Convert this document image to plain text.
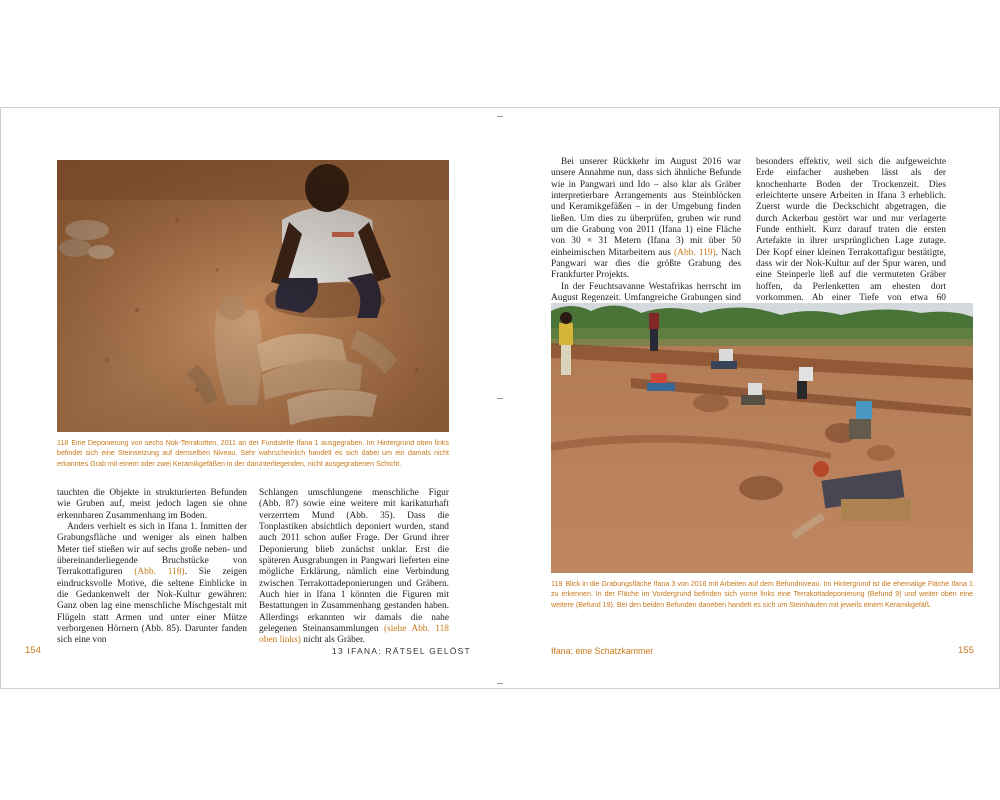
118 Eine Deponierung von sechs Nok-Terrakotten, 2011 an der Fundstelle Ifana 1 ausgegraben. Im Hintergrund oben links befindet sich eine Steinsetzung auf demselben Niveau. Sehr wahrscheinlich handelt es sich dabei um ein damals nicht erkanntes Grab mit einem oder zwei Keramikgefäßen in der darunterliegenden, nicht ausgegrabenen Schicht.

tauchten die Objekte in strukturierten Befunden wie Gruben auf, meist jedoch lagen sie ohne erkennbaren Zusammenhang im Boden.

Anders verhielt es sich in Ifana 1. Inmitten der Grabungsfläche und weniger als einen halben Meter tief stießen wir auf sechs große neben- und übereinanderliegende Bruchstücke von Terrakottafiguren (Abb. 118). Sie zeigen eindrucksvolle Motive, die seltene Einblicke in die Gedankenwelt der Nok-Kultur gewähren: Ganz oben lag eine menschliche Mischgestalt mit Flügeln statt Armen und unter einer Mütze verborgenen Hörnern (Abb. 85). Darunter fanden sich eine von

Schlangen umschlungene menschliche Figur (Abb. 87) sowie eine weitere mit karikaturhaft verzerrtem Mund (Abb. 35). Dass die Tonplastiken absichtlich deponiert wurden, stand auch 2011 schon außer Frage. Der Grund ihrer Deponierung blieb zunächst unklar. Erst die späteren Ausgrabungen in Pangwari lieferten eine mögliche Erklärung, nämlich eine Verbindung zwischen Terrakottadeponierungen und Gräbern. Auch hier in Ifana 1 könnten die Figuren mit Bestattungen in Zusammenhang gestanden haben. Allerdings erkannten wir damals die nahe gelegenen Steinansammlungen (siehe Abb. 118 oben links) nicht als Gräber.

154	13 IFANA: RÄTSEL GELÖST

Bei unserer Rückkehr im August 2016 war unsere Annahme nun, dass sich ähnliche Befunde wie in Pangwari und Ido – also klar als Gräber interpretierbare Arrangements aus Steinblöcken und Keramikgefäßen – in der Umgebung finden ließen. Um dies zu überprüfen, gruben wir rund um die Grabung von 2011 (Ifana 1) eine Fläche von 30 × 31 Metern (Ifana 3) mit über 50 einheimischen Mitarbeitern aus (Abb. 119). Nach Pangwari war dies die größte Grabung des Frankfurter Projekts.

In der Feuchtsavanne Westafrikas herrscht im August Regenzeit. Umfangreiche Grabungen sind

besonders effektiv, weil sich die aufgeweichte Erde einfacher ausheben lässt als der knochenharte Boden der Trockenzeit. Dies erleichterte unsere Arbeiten in Ifana 3 erheblich. Zuerst wurde die Deckschicht abgetragen, die durch Ackerbau gestört war und nur verlagerte Funde enthielt. Kurz darauf traten die ersten Artefakte in ihrer ursprünglichen Lage zutage. Der Kopf einer kleinen Terrakottafigur bestätigte, dass wir der Nok-Kultur auf der Spur waren, und eine Steinperle ließ auf die vermuteten Gräber hoffen, da Perlenketten am ehesten dort vorkommen. Ab einer Tiefe von etwa 60

119 Blick in die Grabungsfläche Ifana 3 von 2016 mit Arbeiten auf dem Befundniveau. Im Hintergrund ist die ehemalige Fläche Ifana 1 zu erkennen. In der Fläche im Vordergrund befinden sich vorne links eine Terrakottadeponierung (Befund 9) und weiter oben eine weitere (Befund 19). Bei den beiden Befunden daneben handelt es sich um Steinhaufen mit jeweils einem Keramikgefäß.
Ifana: eine Schatzkammer	155
